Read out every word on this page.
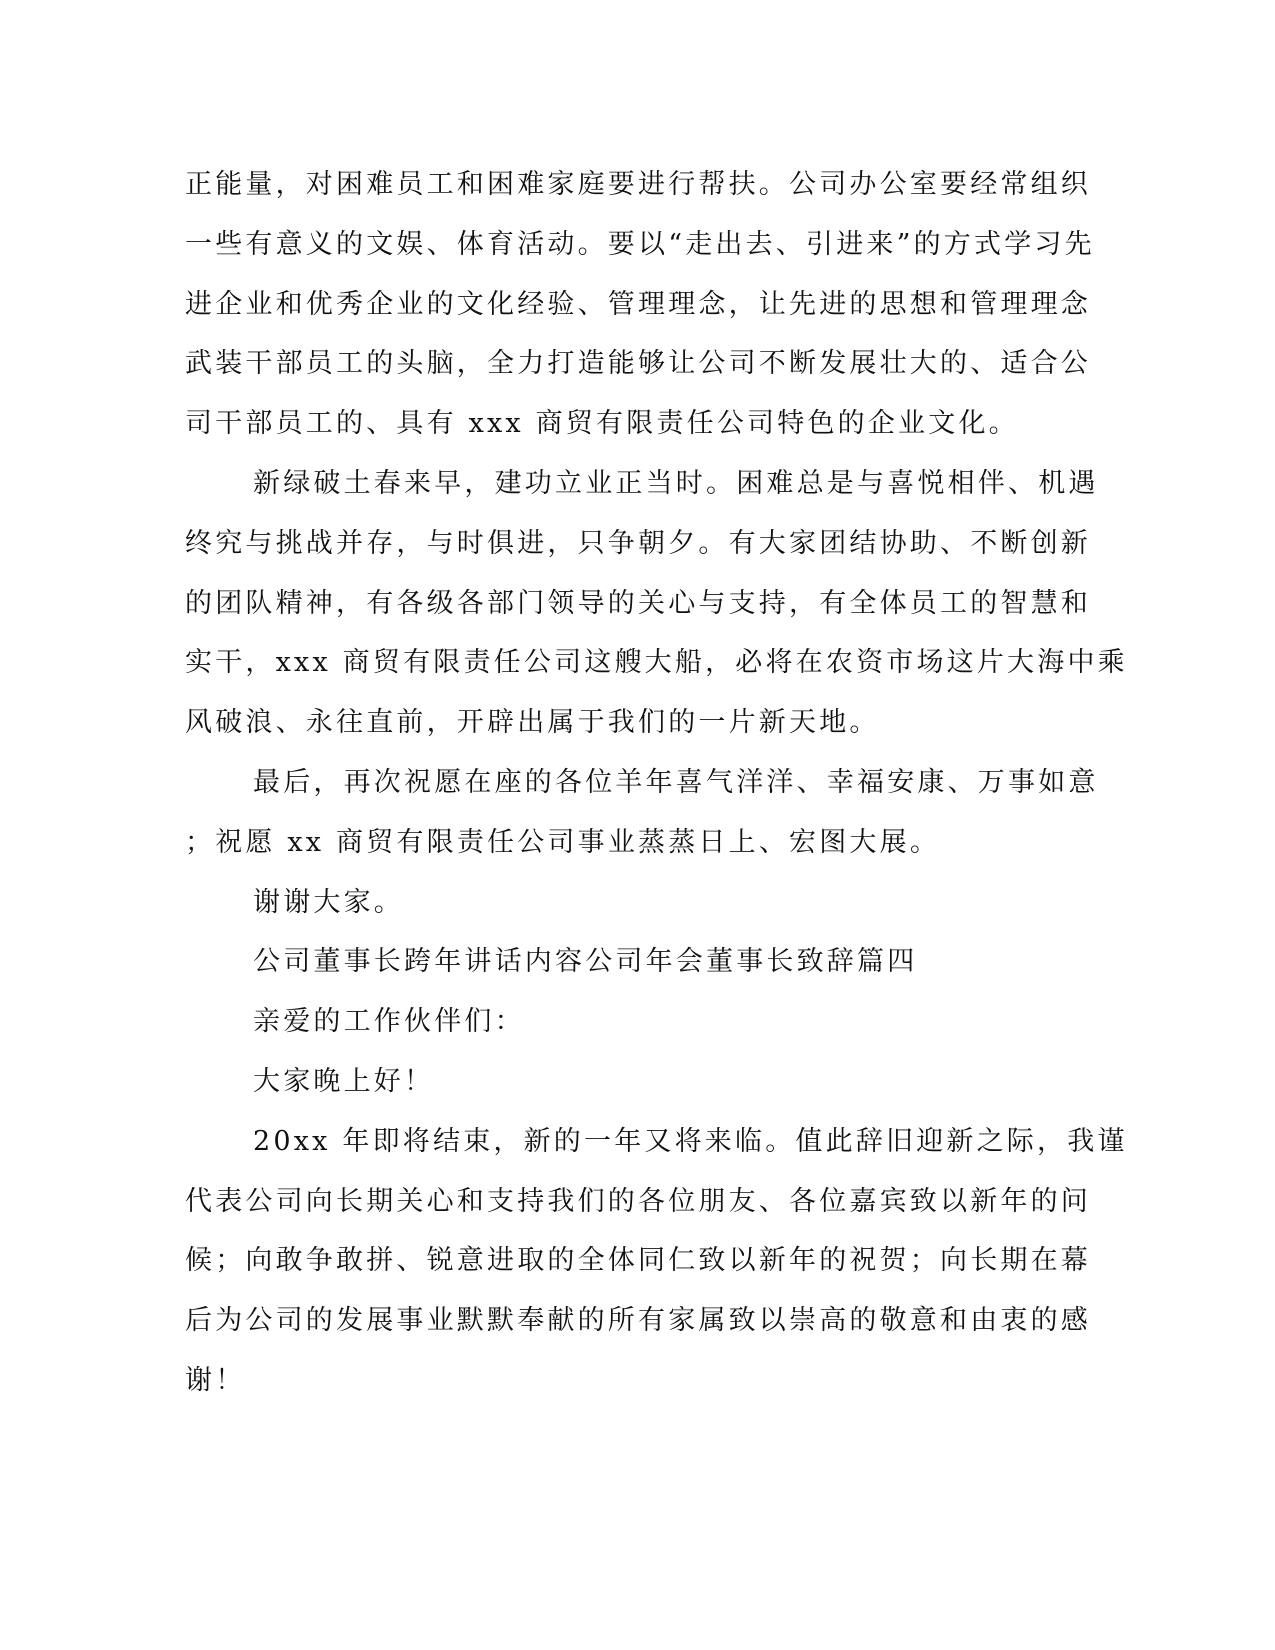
正能量，对困难员工和困难家庭要进行帮扶。公司办公室要经常组织
一些有意义的文娱、体育活动。要以“走出去、引进来”的方式学习先
进企业和优秀企业的文化经验、管理理念，让先进的思想和管理理念
武装干部员工的头脑，全力打造能够让公司不断发展壮大的、适合公
司干部员工的、具有 xxx 商贸有限责任公司特色的企业文化。

新绿破土春来早，建功立业正当时。困难总是与喜悦相伴、机遇
终究与挑战并存，与时俱进，只争朝夕。有大家团结协助、不断创新
的团队精神，有各级各部门领导的关心与支持，有全体员工的智慧和
实干，xxx 商贸有限责任公司这艘大船，必将在农资市场这片大海中乘
风破浪、永往直前，开辟出属于我们的一片新天地。

最后，再次祝愿在座的各位羊年喜气洋洋、幸福安康、万事如意
；祝愿 xx 商贸有限责任公司事业蒸蒸日上、宏图大展。

谢谢大家。

公司董事长跨年讲话内容公司年会董事长致辞篇四

亲爱的工作伙伴们：

大家晚上好！

20xx 年即将结束，新的一年又将来临。值此辞旧迎新之际，我谨
代表公司向长期关心和支持我们的各位朋友、各位嘉宾致以新年的问
候；向敢争敢拼、锐意进取的全体同仁致以新年的祝贺；向长期在幕
后为公司的发展事业默默奉献的所有家属致以崇高的敬意和由衷的感
谢！
